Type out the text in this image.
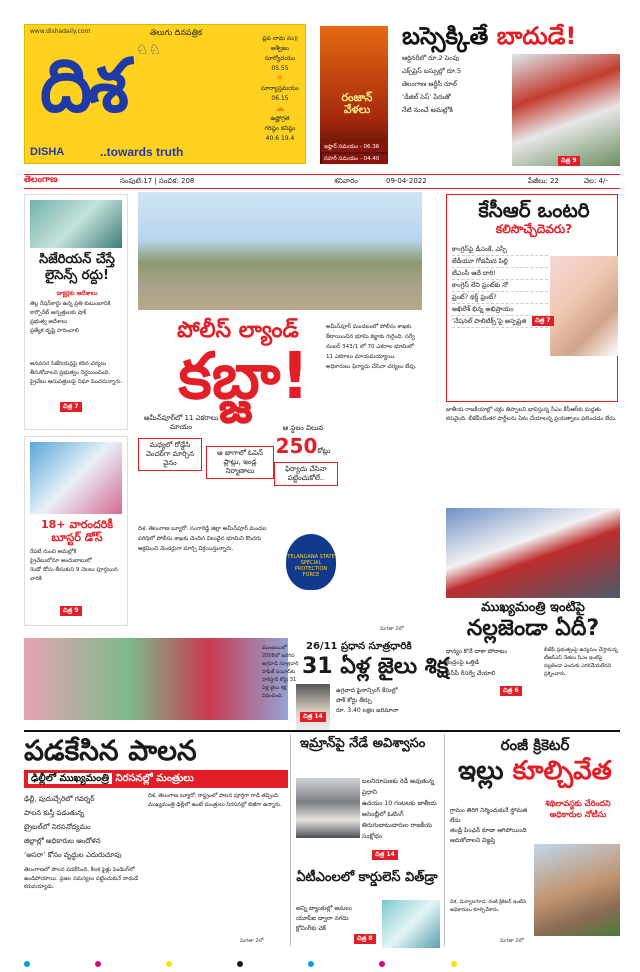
www.dishadaily.com	తెలుగు దినపత్రిక
♘♘
దిశ
DISHA	..towards truth
ప్లవ నామ సం॥
ఆశ్వీజం
సూర్యోదయం
05.55
☀
సూర్యాస్తమయం
06.15
☁
ఉష్ణోగ్రత
గరిష్ఠం కనిష్ఠం
40.6 19.4
రంజాన్ వేళలు
ఇఫ్తార్ సమయం - 06.36
సహరీ సమయం - 04.40
బస్సెక్కితే బాదుడే!
ఆర్డినరీలో రూ.2 పెంపు
ఎక్స్‌ప్రెస్ బస్సుల్లో రూ.5
తెలంగాణ ఆర్టీసీ రూల్
‘డీజిల్ సెస్’ పేరుతో
నేటి నుంచే అమల్లోకి
చిత్ర 9
తెలంగాణ	సంపుటి:17 | సంచిక: 208	శనివారం	09-04-2022	పేజీలు: 22	వెల: 4/-
సిజేరియన్ చేస్తే లైసెన్స్ రద్దు!
డాక్టర్లకు ఆదేశాలు
తెల్ల రేషన్‌కార్డు ఉన్న ప్రతి కుటుంబానికి
కార్పొరేట్ ఆస్పత్రులకు షాక్
ప్రభుత్వ ఆదేశాలు
ప్రత్యేక దృష్టి సారించాలి
అనవసర సిజేరియన్లపై కఠిన చర్యలు తీసుకోవాలని ప్రభుత్వం నిర్ణయించింది. ప్రైవేటు ఆసుపత్రులపై నిఘా పెంచనున్నారు.
చిత్ర 7
18+ వారందరికీ బూస్టర్ డోస్
రేపటి నుంచి అమల్లోకి
ప్రైవేటులోనూ అందుబాటులో
రెండో డోసు తీసుకుని 9 నెలలు పూర్తయిన వారికి
చిత్ర 9
పోలీస్ ల్యాండ్
కబ్జా!
అమీన్‌పూర్‌లో 11 ఎకరాలు మాయం
మధ్యలో రోడ్డేసి వెంచర్‌గా మార్చిన వైనం
ఆ జాగాలో ఓపెన్ ప్లాట్లు, ఇండ్ల నిర్మాణాలు	ఫిర్యాదు చేసినా పట్టించుకోలే..
ఆ స్థలం విలువ
250కోట్లు
అమీన్‌పూర్ మండలంలో పోలీసు శాఖకు కేటాయించిన భూమి కబ్జాకు గురైంది. సర్వే నంబర్ 343/1 లో 70 ఎకరాల భూమిలో 11 ఎకరాలు మాయమయ్యాయి. అధికారులు ఫిర్యాదు చేసినా చర్యలు లేవు.
దిశ, తెలంగాణ బ్యూరో: సంగారెడ్డి జిల్లా అమీన్‌పూర్ మండల పరిధిలో పోలీసు శాఖకు చెందిన విలువైన భూమిని కొందరు ఆక్రమించి వెంచర్లుగా మార్చి విక్రయిస్తున్నారు.
TELANGANA STATE SPECIAL PROTECTION FORCE
మిగతా 2లో
కేసీఆర్ ఒంటరి
కలిసొచ్చేదెవరు?
కాంగ్రెస్‌పై డీఎంకే, ఎస్పీ
జేడీయూ గోడమీద పిల్లి
టీఎంసీ ఆదే దారి!
కాంగ్రెస్ లేని ఫ్రంట్‌కు నో
ఫ్రంట్? థర్డ్ ఫ్రంట్?
అఖిలేశ్ భిన్న అభిప్రాయం
‘నేషనల్ పాలిటిక్స్’పై అస్పష్టత	చిత్ర 7
జాతీయ రాజకీయాల్లో చక్రం తిప్పాలని భావిస్తున్న సీఎం కేసీఆర్‌కు మద్దతు కరువైంది. బీజేపీయేతర పార్టీలను ఏకం చేయాలన్న ప్రయత్నాలు ఫలించడం లేదు.
ముఖ్యమంత్రి ఇంటిపై
నల్లజెండా ఏదీ?
ధాన్యం కొనే దాకా పోరాటం
కేంద్రంపై ఒత్తిడి
డీసీసీ రీసర్వే చేయాలి
బీజేపీ ప్రభుత్వంపై ఉద్యమం చేస్తామన్న టీఆర్ఎస్ నేతలు సీఎం ఇంటిపై నల్లజెండా ఎందుకు ఎగరవేయలేదని ప్రశ్నించారు.
చిత్ర 6
ముంబయిలో 2008లో జరిగిన ఉగ్రదాడి సూత్రధారి హఫీజ్ సయీద్‌కు పాకిస్తాన్ కోర్టు 31 ఏళ్ల జైలు శిక్ష విధించింది.
26/11 ప్రధాన సూత్రధారికి
31 ఏళ్ల జైలు శిక్ష
ఉగ్రవాద ఫైనాన్సింగ్ కేసుల్లో
పాక్ కోర్టు తీర్పు
రూ. 3.40 లక్షల జరిమానా
చిత్ర 14
పడకేసిన పాలన
ఢిల్లీలో ముఖ్యమంత్రి నిరసనల్లో మంత్రులు
ఢిల్లీ, పుదుచ్చేరిలో గవర్నర్
పాలన కుస్తీ పడుతున్న
బ్రైబల్‌లో నిరసనోద్యమం
జిల్లాల్లో అధికారుల ఆందోళన
‘ఆసరా’ కోసం వృద్ధుల ఎదురుచూపు
దిశ, తెలంగాణ బ్యూరో: రాష్ట్రంలో పాలన పూర్తిగా గాడి తప్పింది. ముఖ్యమంత్రి ఢిల్లీలో ఉంటే మంత్రులు నిరసనల్లో బిజీగా ఉన్నారు.
తెలంగాణలో పాలన పడకేసింది. కీలక ఫైళ్లు పెండింగ్‌లో ఉండిపోయాయి. ప్రజల సమస్యలు పట్టించుకునే నాథుడే కరువయ్యాడు.
మిగతా 2లో
ఇమ్రాన్‌పై నేడే అవిశ్వాసం
బలనిరూపణకు రెడీ అవుతున్న ప్రధాని
ఉదయం 10 గంటలకు జాతీయ అసెంబ్లీలో ఓటింగ్
తిరుగుబాటుదారుల రాజకీయ సంక్షోభం
చిత్ర 14
ఏటీఎంలలో కార్డులెస్ విత్‌డ్రా
అన్ని బ్యాంకుల్లో అమలు
యూపీఐ ద్వారా నగదు
క్లోనింగ్‌కు చెక్
చిత్ర 8
రంజీ క్రికెటర్
ఇల్లు కూల్చివేత
శిథిలావస్థకు చేరిందని అధికారుల నోటీసు
గ్రామం తిరిగి నిర్మించుకునే స్థోమత లేదు
తండ్రి పింఛన్ కూడా ఆగిపోయింది
ఆదుకోవాలని విజ్ఞప్తి
దిశ, మిర్యాలగూడ: రంజీ క్రికెటర్ ఇంటిని అధికారులు కూల్చివేశారు.
మిగతా 2లో
